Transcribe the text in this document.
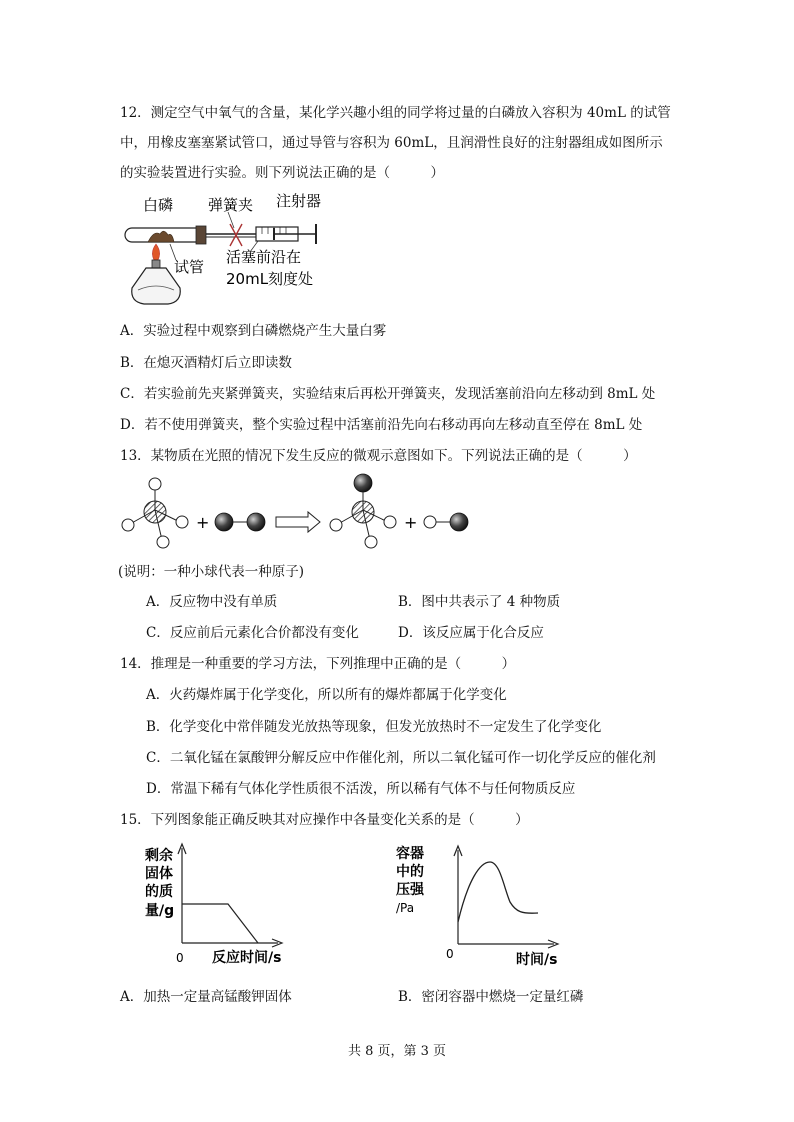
12．测定空气中氧气的含量，某化学兴趣小组的同学将过量的白磷放入容积为 40mL 的试管
中，用橡皮塞塞紧试管口，通过导管与容积为 60mL，且润滑性良好的注射器组成如图所示
的实验装置进行实验。则下列说法正确的是（　　　）
白磷 弹簧夹 注射器
试管
活塞前沿在
20mL刻度处
A．实验过程中观察到白磷燃烧产生大量白雾
B．在熄灭酒精灯后立即读数
C．若实验前先夹紧弹簧夹，实验结束后再松开弹簧夹，发现活塞前沿向左移动到 8mL 处
D．若不使用弹簧夹，整个实验过程中活塞前沿先向右移动再向左移动直至停在 8mL 处
13．某物质在光照的情况下发生反应的微观示意图如下。下列说法正确的是（　　　）
+	+
(说明：一种小球代表一种原子)
A．反应物中没有单质	B．图中共表示了 4 种物质
C．反应前后元素化合价都没有变化	D．该反应属于化合反应
14．推理是一种重要的学习方法，下列推理中正确的是（　　　）
A．火药爆炸属于化学变化，所以所有的爆炸都属于化学变化
B．化学变化中常伴随发光放热等现象，但发光放热时不一定发生了化学变化
C．二氧化锰在氯酸钾分解反应中作催化剂，所以二氧化锰可作一切化学反应的催化剂
D．常温下稀有气体化学性质很不活泼，所以稀有气体不与任何物质反应
15．下列图象能正确反映其对应操作中各量变化关系的是（　　　）
剩余
固体
的质
量/g
0 反应时间/s
容器
中的
压强
/Pa
0	时间/s
A．加热一定量高锰酸钾固体	B．密闭容器中燃烧一定量红磷
共 8 页，第 3 页
